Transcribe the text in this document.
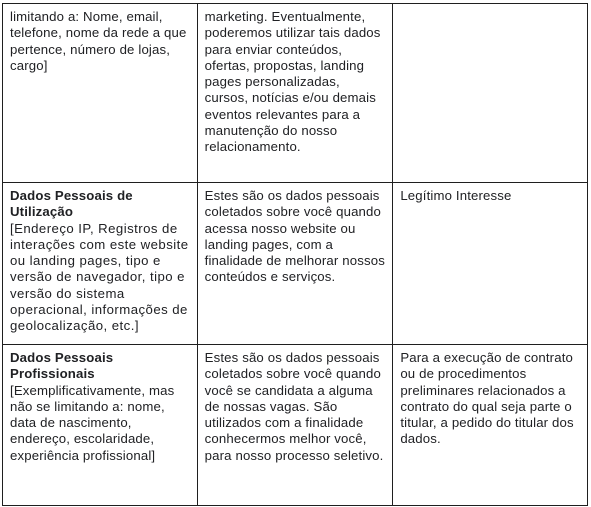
limitando a: Nome, email, telefone, nome da rede a que pertence, número de lojas, cargo]	marketing. Eventualmente, poderemos utilizar tais dados para enviar conteúdos, ofertas, propostas, landing pages personalizadas, cursos, notícias e/ou demais eventos relevantes para a manutenção do nosso relacionamento.	

Dados Pessoais de Utilização
[Endereço IP, Registros de interações com este website ou landing pages, tipo e versão de navegador, tipo e versão do sistema operacional, informações de geolocalização, etc.]	Estes são os dados pessoais coletados sobre você quando acessa nosso website ou landing pages, com a finalidade de melhorar nossos conteúdos e serviços.	Legítimo Interesse

Dados Pessoais Profissionais
[Exemplificativamente, mas não se limitando a: nome, data de nascimento, endereço, escolaridade, experiência profissional]	Estes são os dados pessoais coletados sobre você quando você se candidata a alguma de nossas vagas. São utilizados com a finalidade conhecermos melhor você, para nosso processo seletivo.	Para a execução de contrato ou de procedimentos preliminares relacionados a contrato do qual seja parte o titular, a pedido do titular dos dados.
